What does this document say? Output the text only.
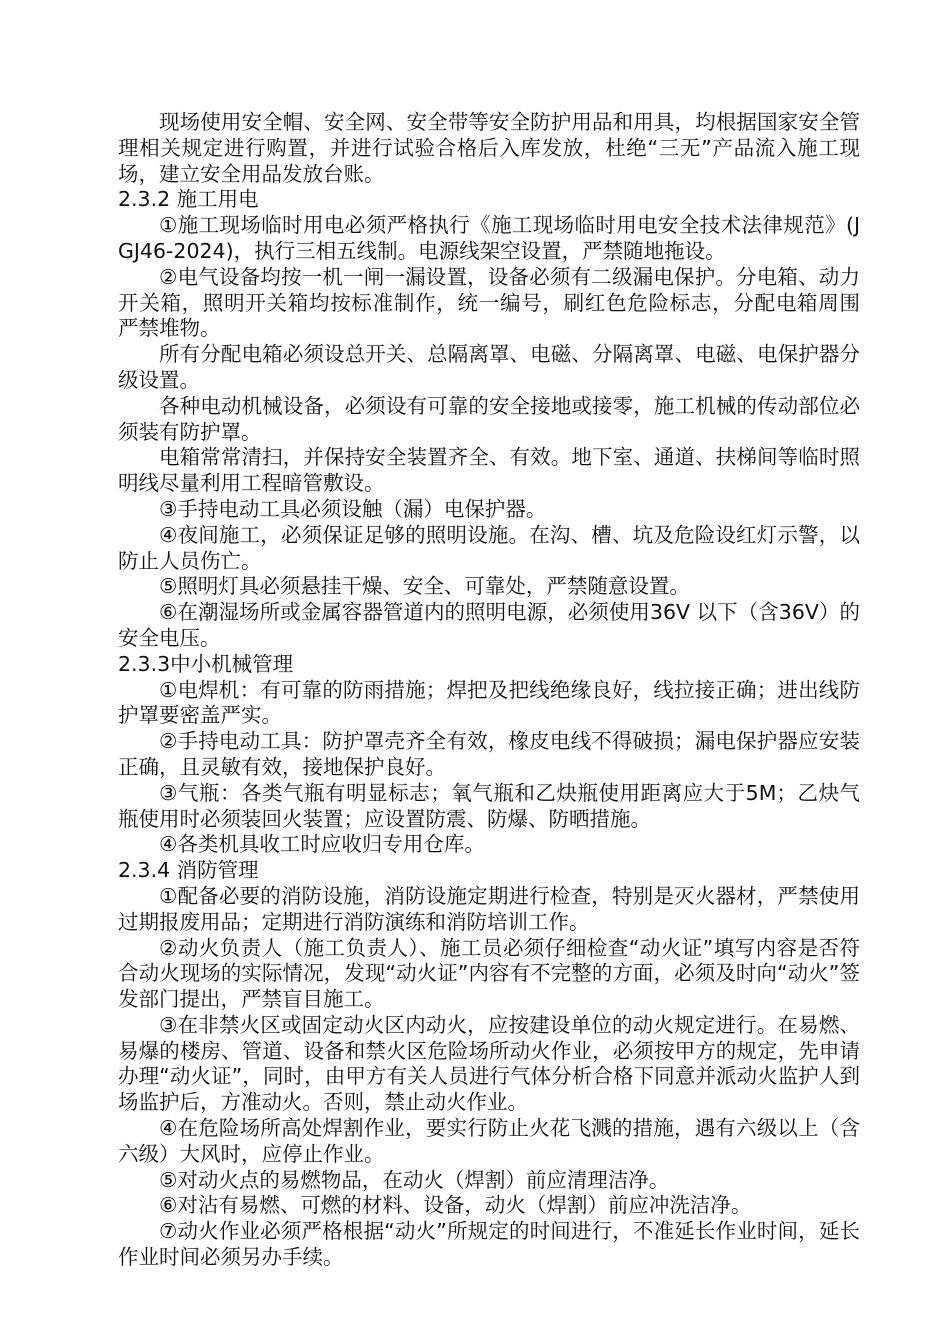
现场使用安全帽、安全网、安全带等安全防护用品和用具，均根据国家安全管理相关规定进行购置，并进行试验合格后入库发放，杜绝“三无”产品流入施工现场，建立安全用品发放台账。

2.3.2 施工用电

①施工现场临时用电必须严格执行《施工现场临时用电安全技术法律规范》(JGJ46-2024)，执行三相五线制。电源线架空设置，严禁随地拖设。

②电气设备均按一机一闸一漏设置，设备必须有二级漏电保护。分电箱、动力开关箱，照明开关箱均按标准制作，统一编号，刷红色危险标志，分配电箱周围 严禁堆物。

所有分配电箱必须设总开关、总隔离罩、电磁、分隔离罩、电磁、电保护器分级设置。

各种电动机械设备，必须设有可靠的安全接地或接零，施工机械的传动部位必须装有防护罩。

电箱常常清扫，并保持安全装置齐全、有效。地下室、通道、扶梯间等临时照明线尽量利用工程暗管敷设。

③手持电动工具必须设触（漏）电保护器。

④夜间施工，必须保证足够的照明设施。在沟、槽、坑及危险设红灯示警，以防止人员伤亡。

⑤照明灯具必须悬挂干燥、安全、可靠处，严禁随意设置。

⑥在潮湿场所或金属容器管道内的照明电源，必须使用36V 以下（含36V）的安全电压。

2.3.3中小机械管理

①电焊机：有可靠的防雨措施；焊把及把线绝缘良好，线拉接正确；进出线防护罩要密盖严实。

②手持电动工具：防护罩壳齐全有效，橡皮电线不得破损；漏电保护器应安装正确，且灵敏有效，接地保护良好。

③气瓶：各类气瓶有明显标志；氧气瓶和乙炔瓶使用距离应大于5M；乙炔气瓶使用时必须装回火装置；应设置防震、防爆、防晒措施。

④各类机具收工时应收归专用仓库。

2.3.4 消防管理

①配备必要的消防设施，消防设施定期进行检查，特别是灭火器材，严禁使用过期报废用品；定期进行消防演练和消防培训工作。

②动火负责人（施工负责人）、施工员必须仔细检查“动火证”填写内容是否符合动火现场的实际情况，发现“动火证”内容有不完整的方面，必须及时向“动火”签发部门提出，严禁盲目施工。

③在非禁火区或固定动火区内动火，应按建设单位的动火规定进行。在易燃、易爆的楼房、管道、设备和禁火区危险场所动火作业，必须按甲方的规定，先申请办理“动火证”，同时，由甲方有关人员进行气体分析合格下同意并派动火监护人到场监护后，方准动火。否则，禁止动火作业。

④在危险场所高处焊割作业，要实行防止火花飞溅的措施，遇有六级以上（含六级）大风时，应停止作业。

⑤对动火点的易燃物品，在动火（焊割）前应清理洁净。

⑥对沾有易燃、可燃的材料、设备，动火（焊割）前应冲洗洁净。

⑦动火作业必须严格根据“动火”所规定的时间进行，不准延长作业时间，延长作业时间必须另办手续。
